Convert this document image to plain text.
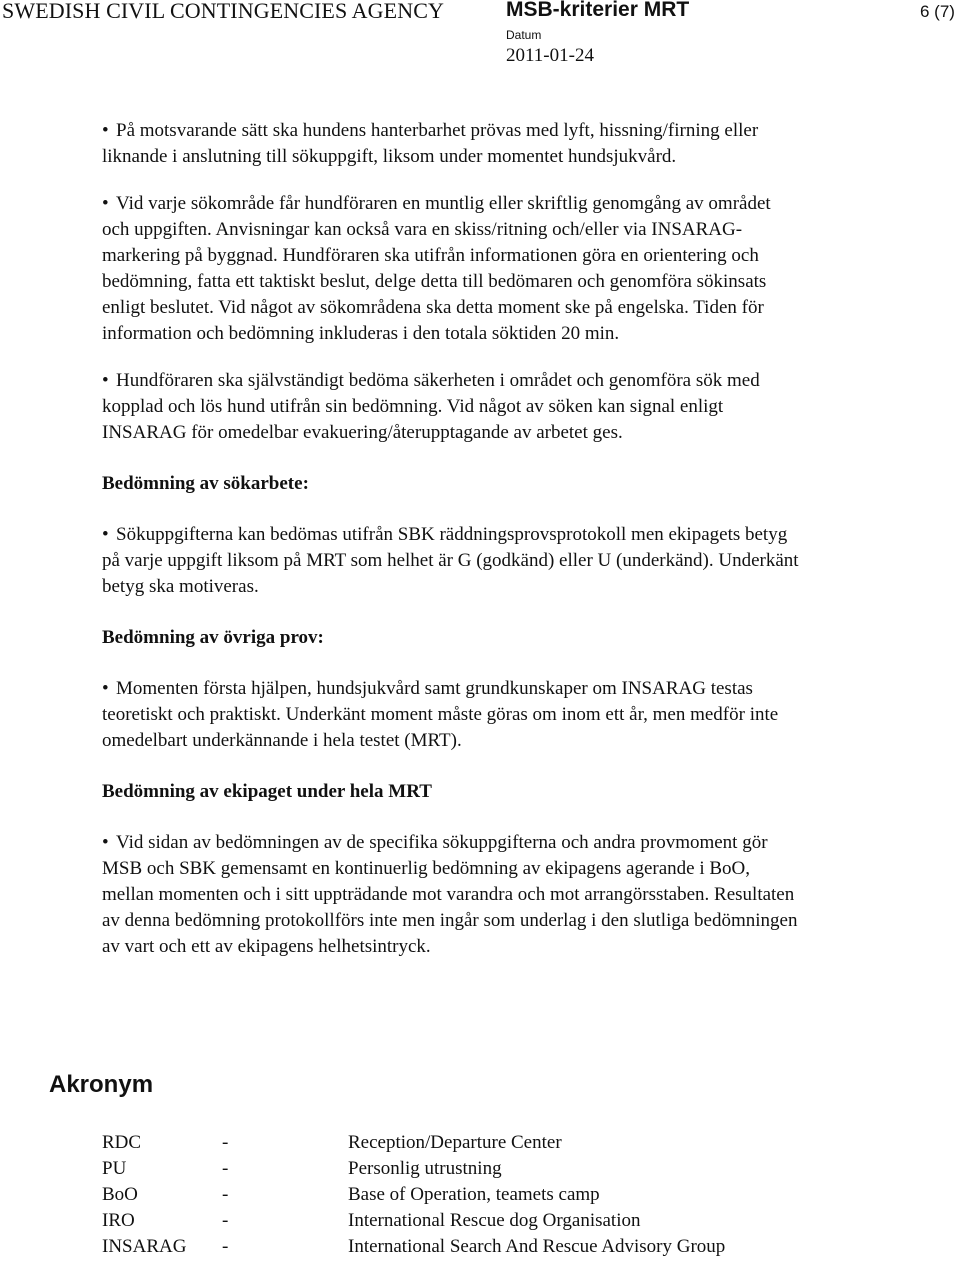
SWEDISH CIVIL CONTINGENCIES AGENCY	MSB-kriterier MRT	6 (7)
Datum
2011-01-24

• På motsvarande sätt ska hundens hanterbarhet prövas med lyft, hissning/firning eller liknande i anslutning till sökuppgift, liksom under momentet hundsjukvård.

• Vid varje sökområde får hundföraren en muntlig eller skriftlig genomgång av området och uppgiften. Anvisningar kan också vara en skiss/ritning och/eller via INSARAG-markering på byggnad. Hundföraren ska utifrån informationen göra en orientering och bedömning, fatta ett taktiskt beslut, delge detta till bedömaren och genomföra sökinsats enligt beslutet. Vid något av sökområdena ska detta moment ske på engelska. Tiden för information och bedömning inkluderas i den totala söktiden 20 min.

• Hundföraren ska självständigt bedöma säkerheten i området och genomföra sök med kopplad och lös hund utifrån sin bedömning. Vid något av söken kan signal enligt INSARAG för omedelbar evakuering/återupptagande av arbetet ges.

Bedömning av sökarbete:

• Sökuppgifterna kan bedömas utifrån SBK räddningsprovsprotokoll men ekipagets betyg på varje uppgift liksom på MRT som helhet är G (godkänd) eller U (underkänd). Underkänt betyg ska motiveras.

Bedömning av övriga prov:

• Momenten första hjälpen, hundsjukvård samt grundkunskaper om INSARAG testas teoretiskt och praktiskt. Underkänt moment måste göras om inom ett år, men medför inte omedelbart underkännande i hela testet (MRT).

Bedömning av ekipaget under hela MRT

• Vid sidan av bedömningen av de specifika sökuppgifterna och andra provmoment gör MSB och SBK gemensamt en kontinuerlig bedömning av ekipagens agerande i BoO, mellan momenten och i sitt uppträdande mot varandra och mot arrangörsstaben. Resultaten av denna bedömning protokollförs inte men ingår som underlag i den slutliga bedömningen av vart och ett av ekipagens helhetsintryck.

Akronym
RDC	-	Reception/Departure Center
PU	-	Personlig utrustning
BoO	-	Base of Operation, teamets camp
IRO	-	International Rescue dog Organisation
INSARAG	-	International Search And Rescue Advisory Group
